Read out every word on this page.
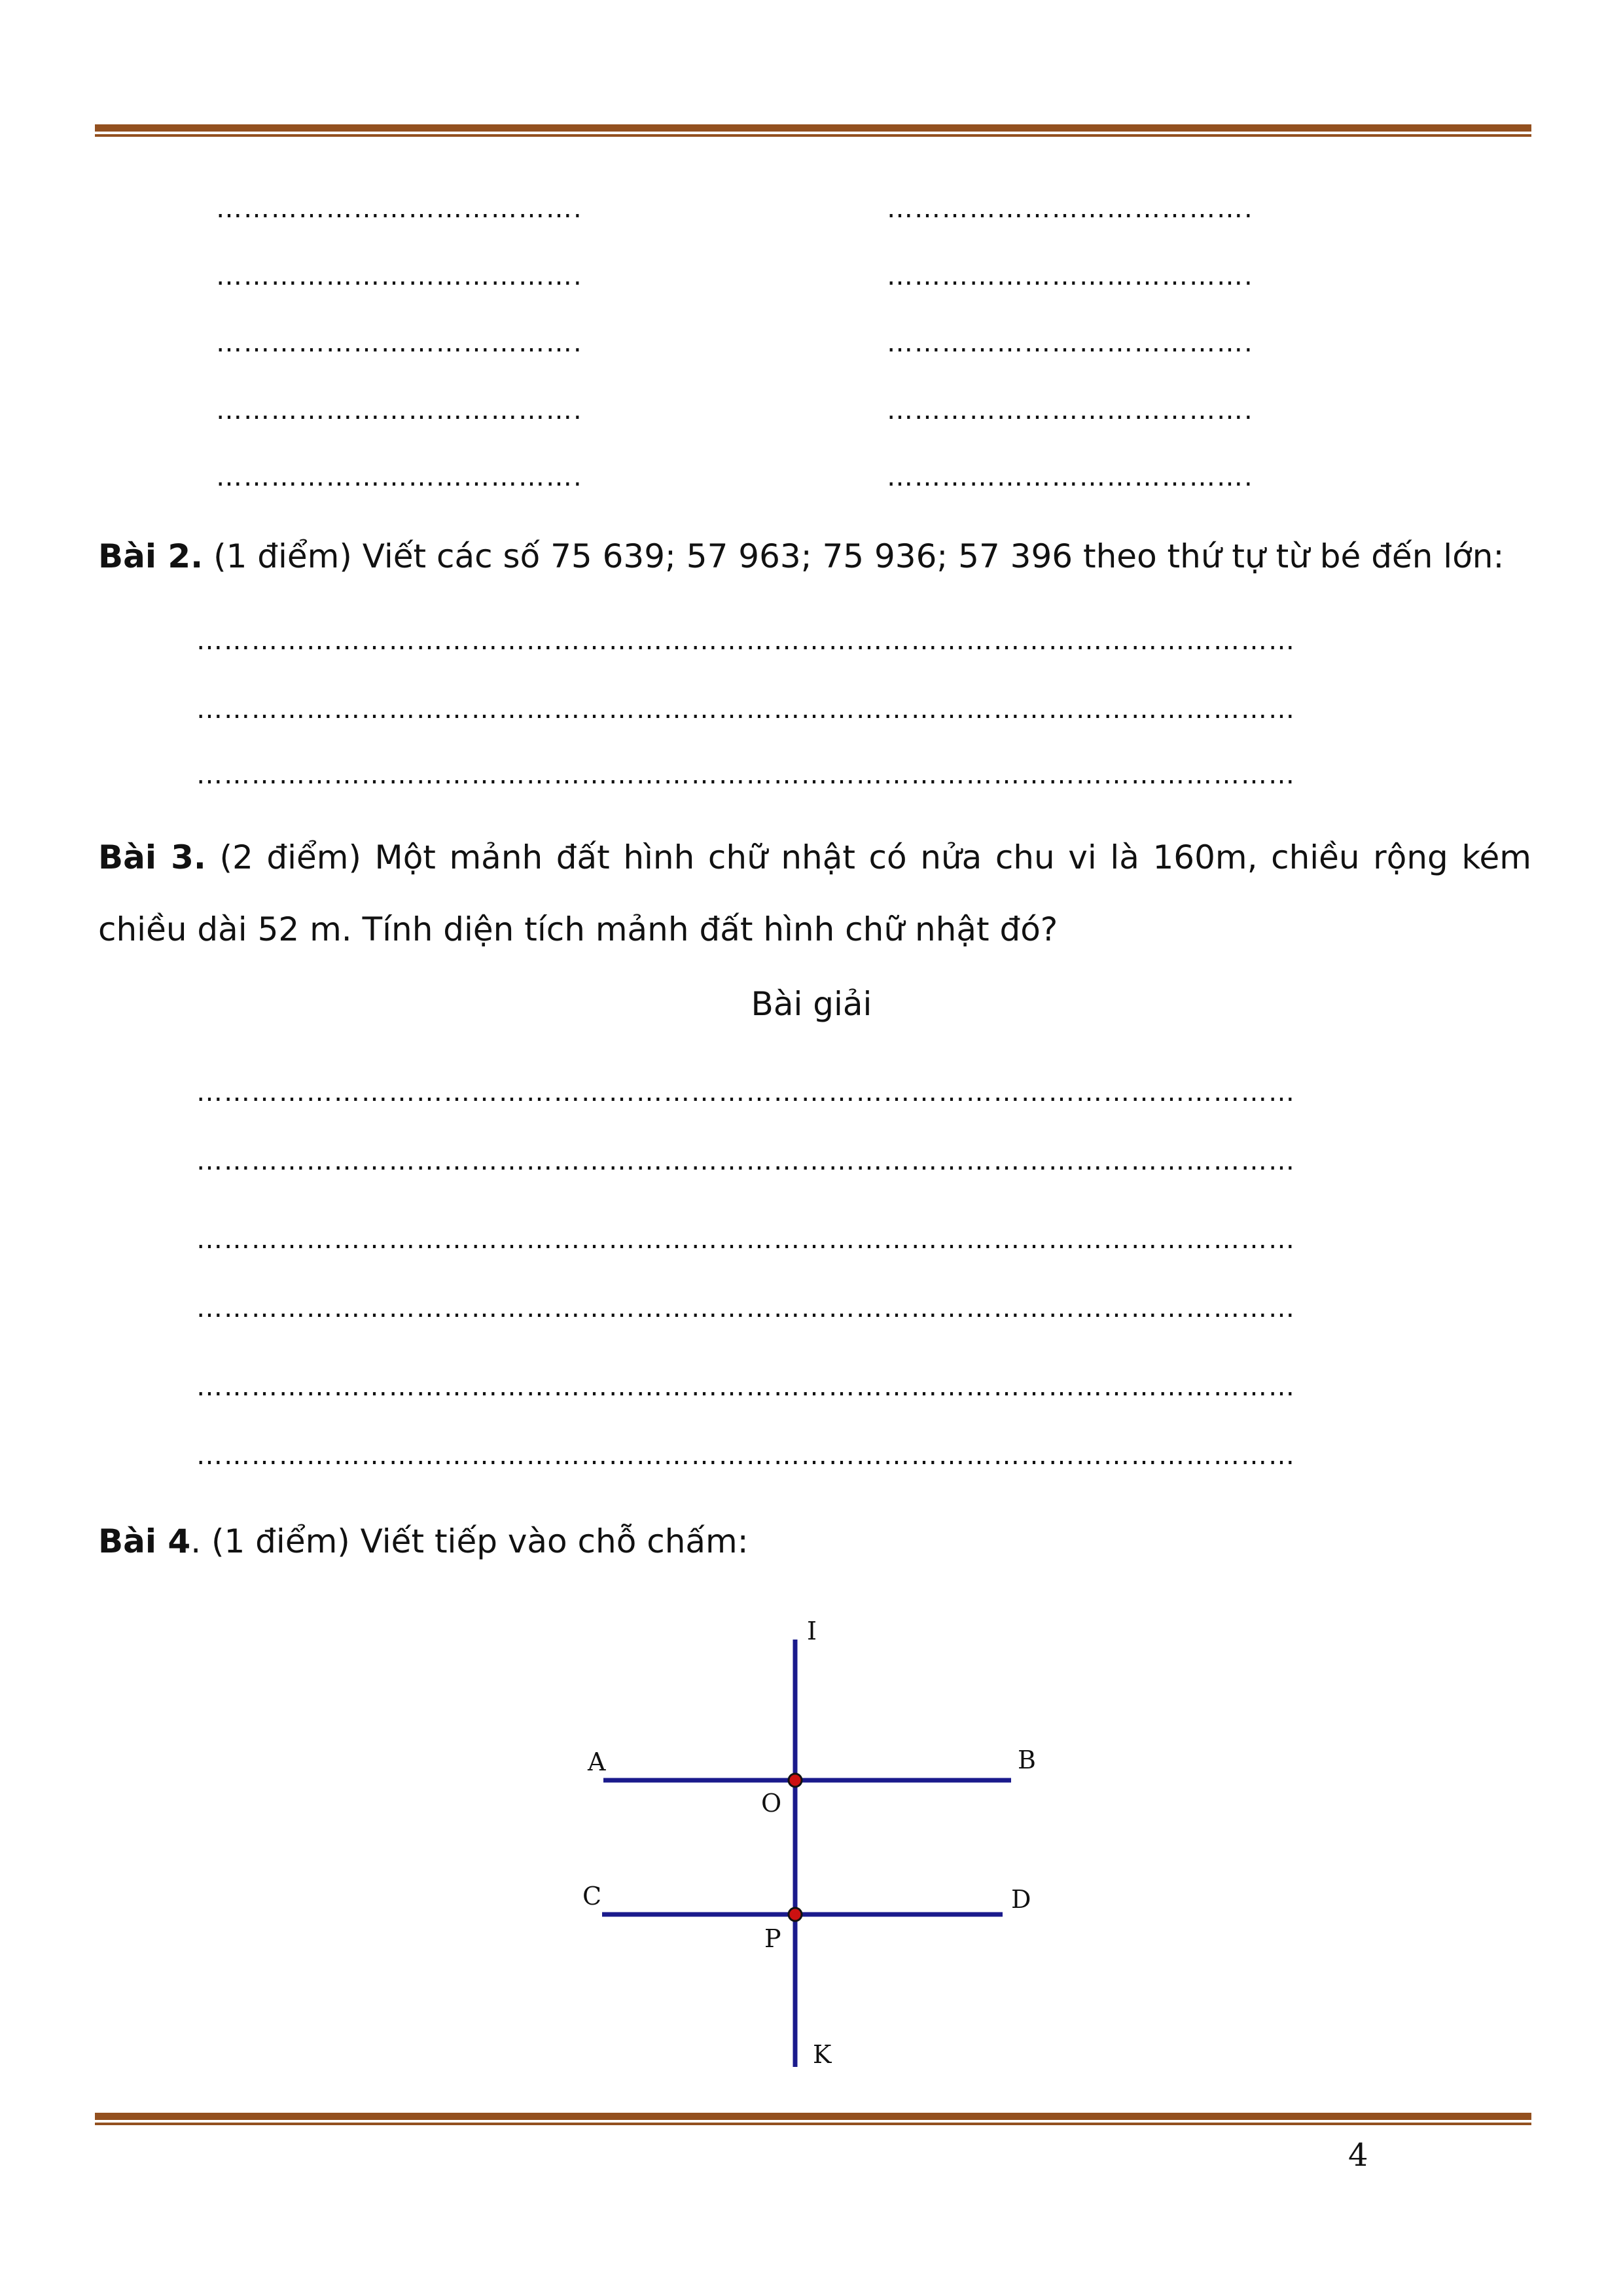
………………………………….	………………………………….
………………………………….	………………………………….
………………………………….	………………………………….
………………………………….	………………………………….
………………………………….	………………………………….
Bài 2. (1 điểm) Viết các số 75 639; 57 963; 75 936; 57 396 theo thứ tự từ bé đến lớn:
…………………………………………………………………………………………………………
…………………………………………………………………………………………………………
…………………………………………………………………………………………………………
Bài 3. (2 điểm) Một mảnh đất hình chữ nhật có nửa chu vi là 160m, chiều rộng kém chiều dài 52 m. Tính diện tích mảnh đất hình chữ nhật đó?
Bài giải
…………………………………………………………………………………………………………
…………………………………………………………………………………………………………
…………………………………………………………………………………………………………
…………………………………………………………………………………………………………
…………………………………………………………………………………………………………
…………………………………………………………………………………………………………
Bài 4. (1 điểm) Viết tiếp vào chỗ chấm:
I
K
A	B
C	D
O
P
4
